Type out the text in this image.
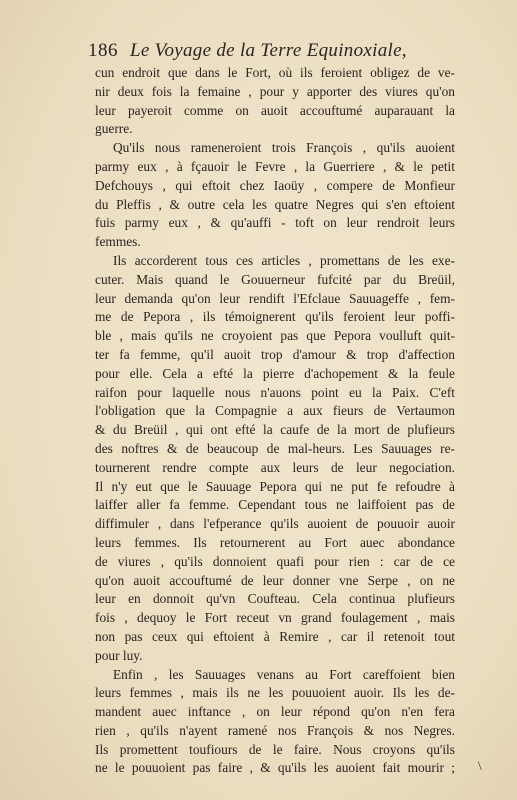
186 Le Voyage de la Terre Equinoxiale,
cun endroit que dans le Fort, où ils feroient obligez de ve-
nir deux fois la femaine , pour y apporter des viures qu'on
leur payeroit comme on auoit accouftumé auparauant la
guerre.
Qu'ils nous rameneroient trois François , qu'ils auoient
parmy eux , à fçauoir le Fevre , la Guerriere , & le petit
Defchouys , qui eftoit chez Iaoüy , compere de Monfieur
du Pleffis , & outre cela les quatre Negres qui s'en eftoient
fuis parmy eux , & qu'auffi - toft on leur rendroit leurs
femmes.
Ils accorderent tous ces articles , promettans de les exe-
cuter. Mais quand le Gouuerneur fufcité par du Breüil,
leur demanda qu'on leur rendift l'Efclaue Sauuageffe , fem-
me de Pepora , ils témoignerent qu'ils feroient leur poffi-
ble , mais qu'ils ne croyoient pas que Pepora voulluft quit-
ter fa femme, qu'il auoit trop d'amour & trop d'affection
pour elle. Cela a efté la pierre d'achopement & la feule
raifon pour laquelle nous n'auons point eu la Paix. C'eft
l'obligation que la Compagnie a aux fieurs de Vertaumon
& du Breüil , qui ont efté la caufe de la mort de plufieurs
des noftres & de beaucoup de mal-heurs. Les Sauuages re-
tournerent rendre compte aux leurs de leur negociation.
Il n'y eut que le Sauuage Pepora qui ne put fe refoudre à
laiffer aller fa femme. Cependant tous ne laiffoient pas de
diffimuler , dans l'efperance qu'ils auoient de pouuoir auoir
leurs femmes. Ils retournerent au Fort auec abondance
de viures , qu'ils donnoient quafi pour rien : car de ce
qu'on auoit accouftumé de leur donner vne Serpe , on ne
leur en donnoit qu'vn Coufteau. Cela continua plufieurs
fois , dequoy le Fort receut vn grand foulagement , mais
non pas ceux qui eftoient à Remire , car il retenoit tout
pour luy.
Enfin , les Sauuages venans au Fort careffoient bien
leurs femmes , mais ils ne les pouuoient auoir. Ils les de-
mandent auec inftance , on leur répond qu'on n'en fera
rien , qu'ils n'ayent ramené nos François & nos Negres.
Ils promettent toufiours de le faire. Nous croyons qu'ils
ne le pouuoient pas faire , & qu'ils les auoient fait mourir ; \
